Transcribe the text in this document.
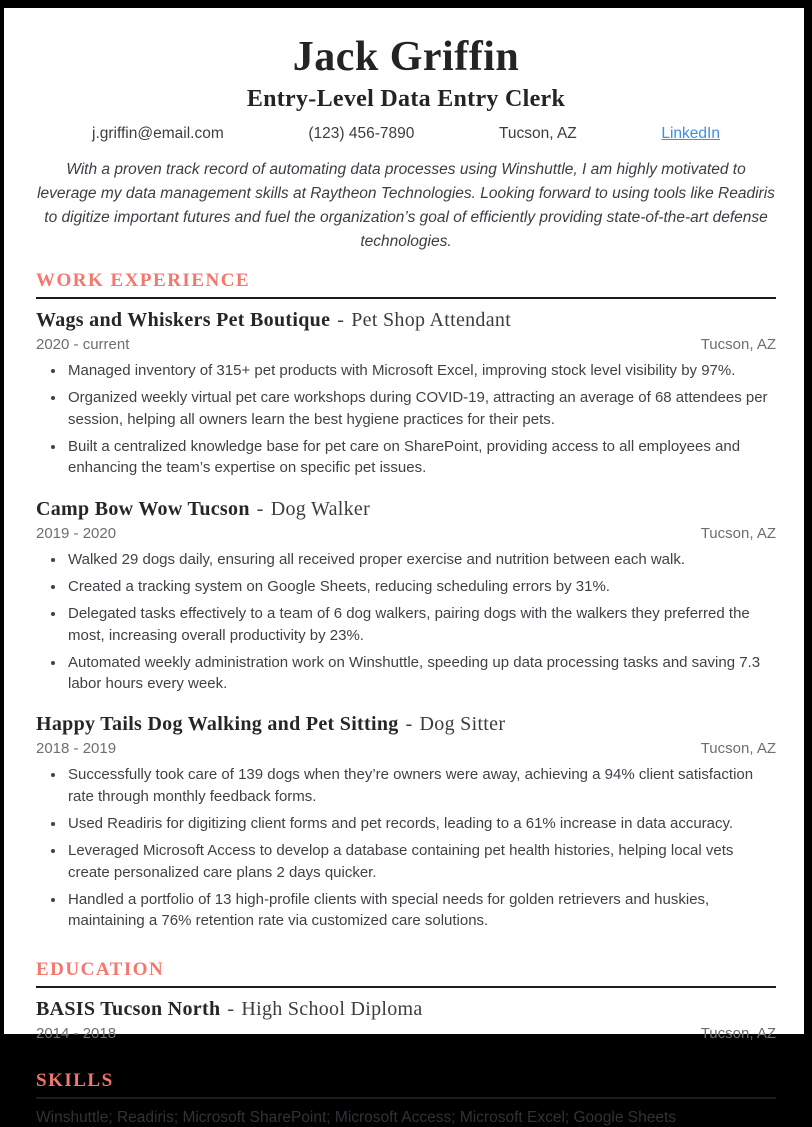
Jack Griffin
Entry-Level Data Entry Clerk
j.griffin@email.com	(123) 456-7890	Tucson, AZ	LinkedIn

With a proven track record of automating data processes using Winshuttle, I am highly motivated to leverage my data management skills at Raytheon Technologies. Looking forward to using tools like Readiris to digitize important futures and fuel the organization’s goal of efficiently providing state-of-the-art defense technologies.

WORK EXPERIENCE
Wags and Whiskers Pet Boutique - Pet Shop Attendant
2020 - current	Tucson, AZ
• Managed inventory of 315+ pet products with Microsoft Excel, improving stock level visibility by 97%.
• Organized weekly virtual pet care workshops during COVID-19, attracting an average of 68 attendees per session, helping all owners learn the best hygiene practices for their pets.
• Built a centralized knowledge base for pet care on SharePoint, providing access to all employees and enhancing the team’s expertise on specific pet issues.
Camp Bow Wow Tucson - Dog Walker
2019 - 2020	Tucson, AZ
• Walked 29 dogs daily, ensuring all received proper exercise and nutrition between each walk.
• Created a tracking system on Google Sheets, reducing scheduling errors by 31%.
• Delegated tasks effectively to a team of 6 dog walkers, pairing dogs with the walkers they preferred the most, increasing overall productivity by 23%.
• Automated weekly administration work on Winshuttle, speeding up data processing tasks and saving 7.3 labor hours every week.
Happy Tails Dog Walking and Pet Sitting - Dog Sitter
2018 - 2019	Tucson, AZ
• Successfully took care of 139 dogs when they’re owners were away, achieving a 94% client satisfaction rate through monthly feedback forms.
• Used Readiris for digitizing client forms and pet records, leading to a 61% increase in data accuracy.
• Leveraged Microsoft Access to develop a database containing pet health histories, helping local vets create personalized care plans 2 days quicker.
• Handled a portfolio of 13 high-profile clients with special needs for golden retrievers and huskies, maintaining a 76% retention rate via customized care solutions.
EDUCATION
BASIS Tucson North - High School Diploma
2014 - 2018	Tucson, AZ
SKILLS

Winshuttle; Readiris; Microsoft SharePoint; Microsoft Access; Microsoft Excel; Google Sheets
